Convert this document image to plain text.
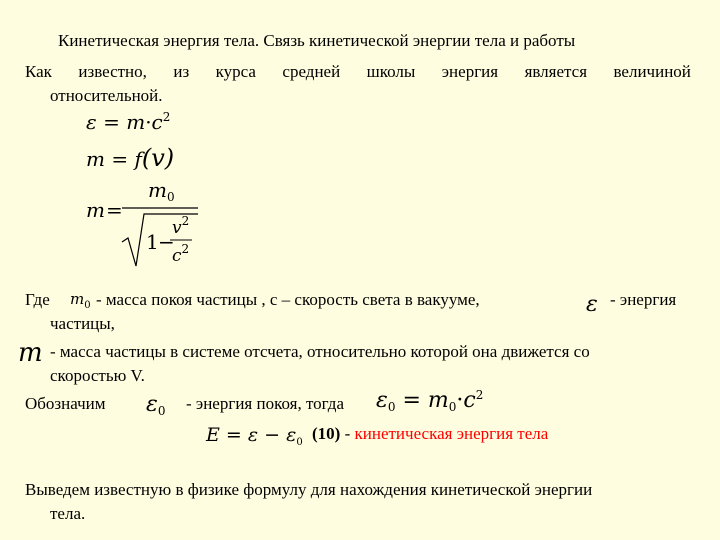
Кинетическая энергия тела. Связь кинетической энергии тела и работы
Как известно, из курса средней школы энергия является величиной
относительной.
$\varepsilon = m\cdot c^2$
m = f(v)
m =
$m_0$
1 −
$v^2$
$c^2$
Где $m_0$ - масса покоя частицы , с – скорость света в вакууме,	ε - энергия
частицы,
m - масса частицы в системе отсчета, относительно которой она движется со
скоростью V.
Обозначим $\varepsilon_0$ - энергия покоя, тогда $\varepsilon_0 = m_0\cdot c^2$
$E = \varepsilon - \varepsilon_0$ (10) - кинетическая энергия тела
Выведем известную в физике формулу для нахождения кинетической энергии
тела.
